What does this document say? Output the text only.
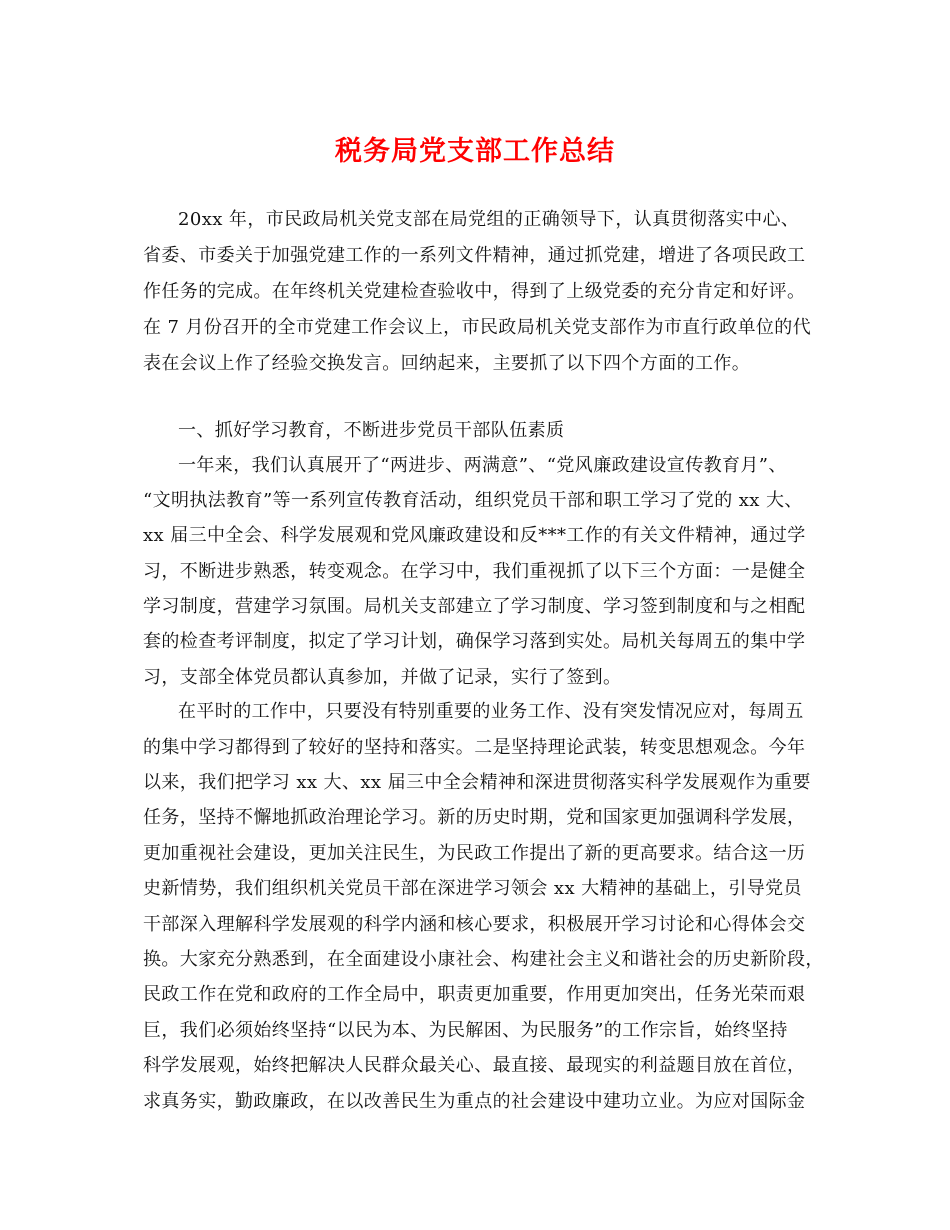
税务局党支部工作总结
20xx 年，市民政局机关党支部在局党组的正确领导下，认真贯彻落实中心、
省委、市委关于加强党建工作的一系列文件精神，通过抓党建，增进了各项民政工
作任务的完成。在年终机关党建检查验收中，得到了上级党委的充分肯定和好评。
在 7 月份召开的全市党建工作会议上，市民政局机关党支部作为市直行政单位的代
表在会议上作了经验交换发言。回纳起来，主要抓了以下四个方面的工作。
一、抓好学习教育，不断进步党员干部队伍素质
一年来，我们认真展开了“两进步、两满意”、“党风廉政建设宣传教育月”、
“文明执法教育”等一系列宣传教育活动，组织党员干部和职工学习了党的 xx 大、
xx 届三中全会、科学发展观和党风廉政建设和反***工作的有关文件精神，通过学
习，不断进步熟悉，转变观念。在学习中，我们重视抓了以下三个方面：一是健全
学习制度，营建学习氛围。局机关支部建立了学习制度、学习签到制度和与之相配
套的检查考评制度，拟定了学习计划，确保学习落到实处。局机关每周五的集中学
习，支部全体党员都认真参加，并做了记录，实行了签到。
在平时的工作中，只要没有特别重要的业务工作、没有突发情况应对，每周五
的集中学习都得到了较好的坚持和落实。二是坚持理论武装，转变思想观念。今年
以来，我们把学习 xx 大、xx 届三中全会精神和深进贯彻落实科学发展观作为重要
任务，坚持不懈地抓政治理论学习。新的历史时期，党和国家更加强调科学发展，
更加重视社会建设，更加关注民生，为民政工作提出了新的更高要求。结合这一历
史新情势，我们组织机关党员干部在深进学习领会 xx 大精神的基础上，引导党员
干部深入理解科学发展观的科学内涵和核心要求，积极展开学习讨论和心得体会交
换。大家充分熟悉到，在全面建设小康社会、构建社会主义和谐社会的历史新阶段，
民政工作在党和政府的工作全局中，职责更加重要，作用更加突出，任务光荣而艰
巨，我们必须始终坚持“以民为本、为民解困、为民服务”的工作宗旨，始终坚持
科学发展观，始终把解决人民群众最关心、最直接、最现实的利益题目放在首位，
求真务实，勤政廉政，在以改善民生为重点的社会建设中建功立业。为应对国际金
